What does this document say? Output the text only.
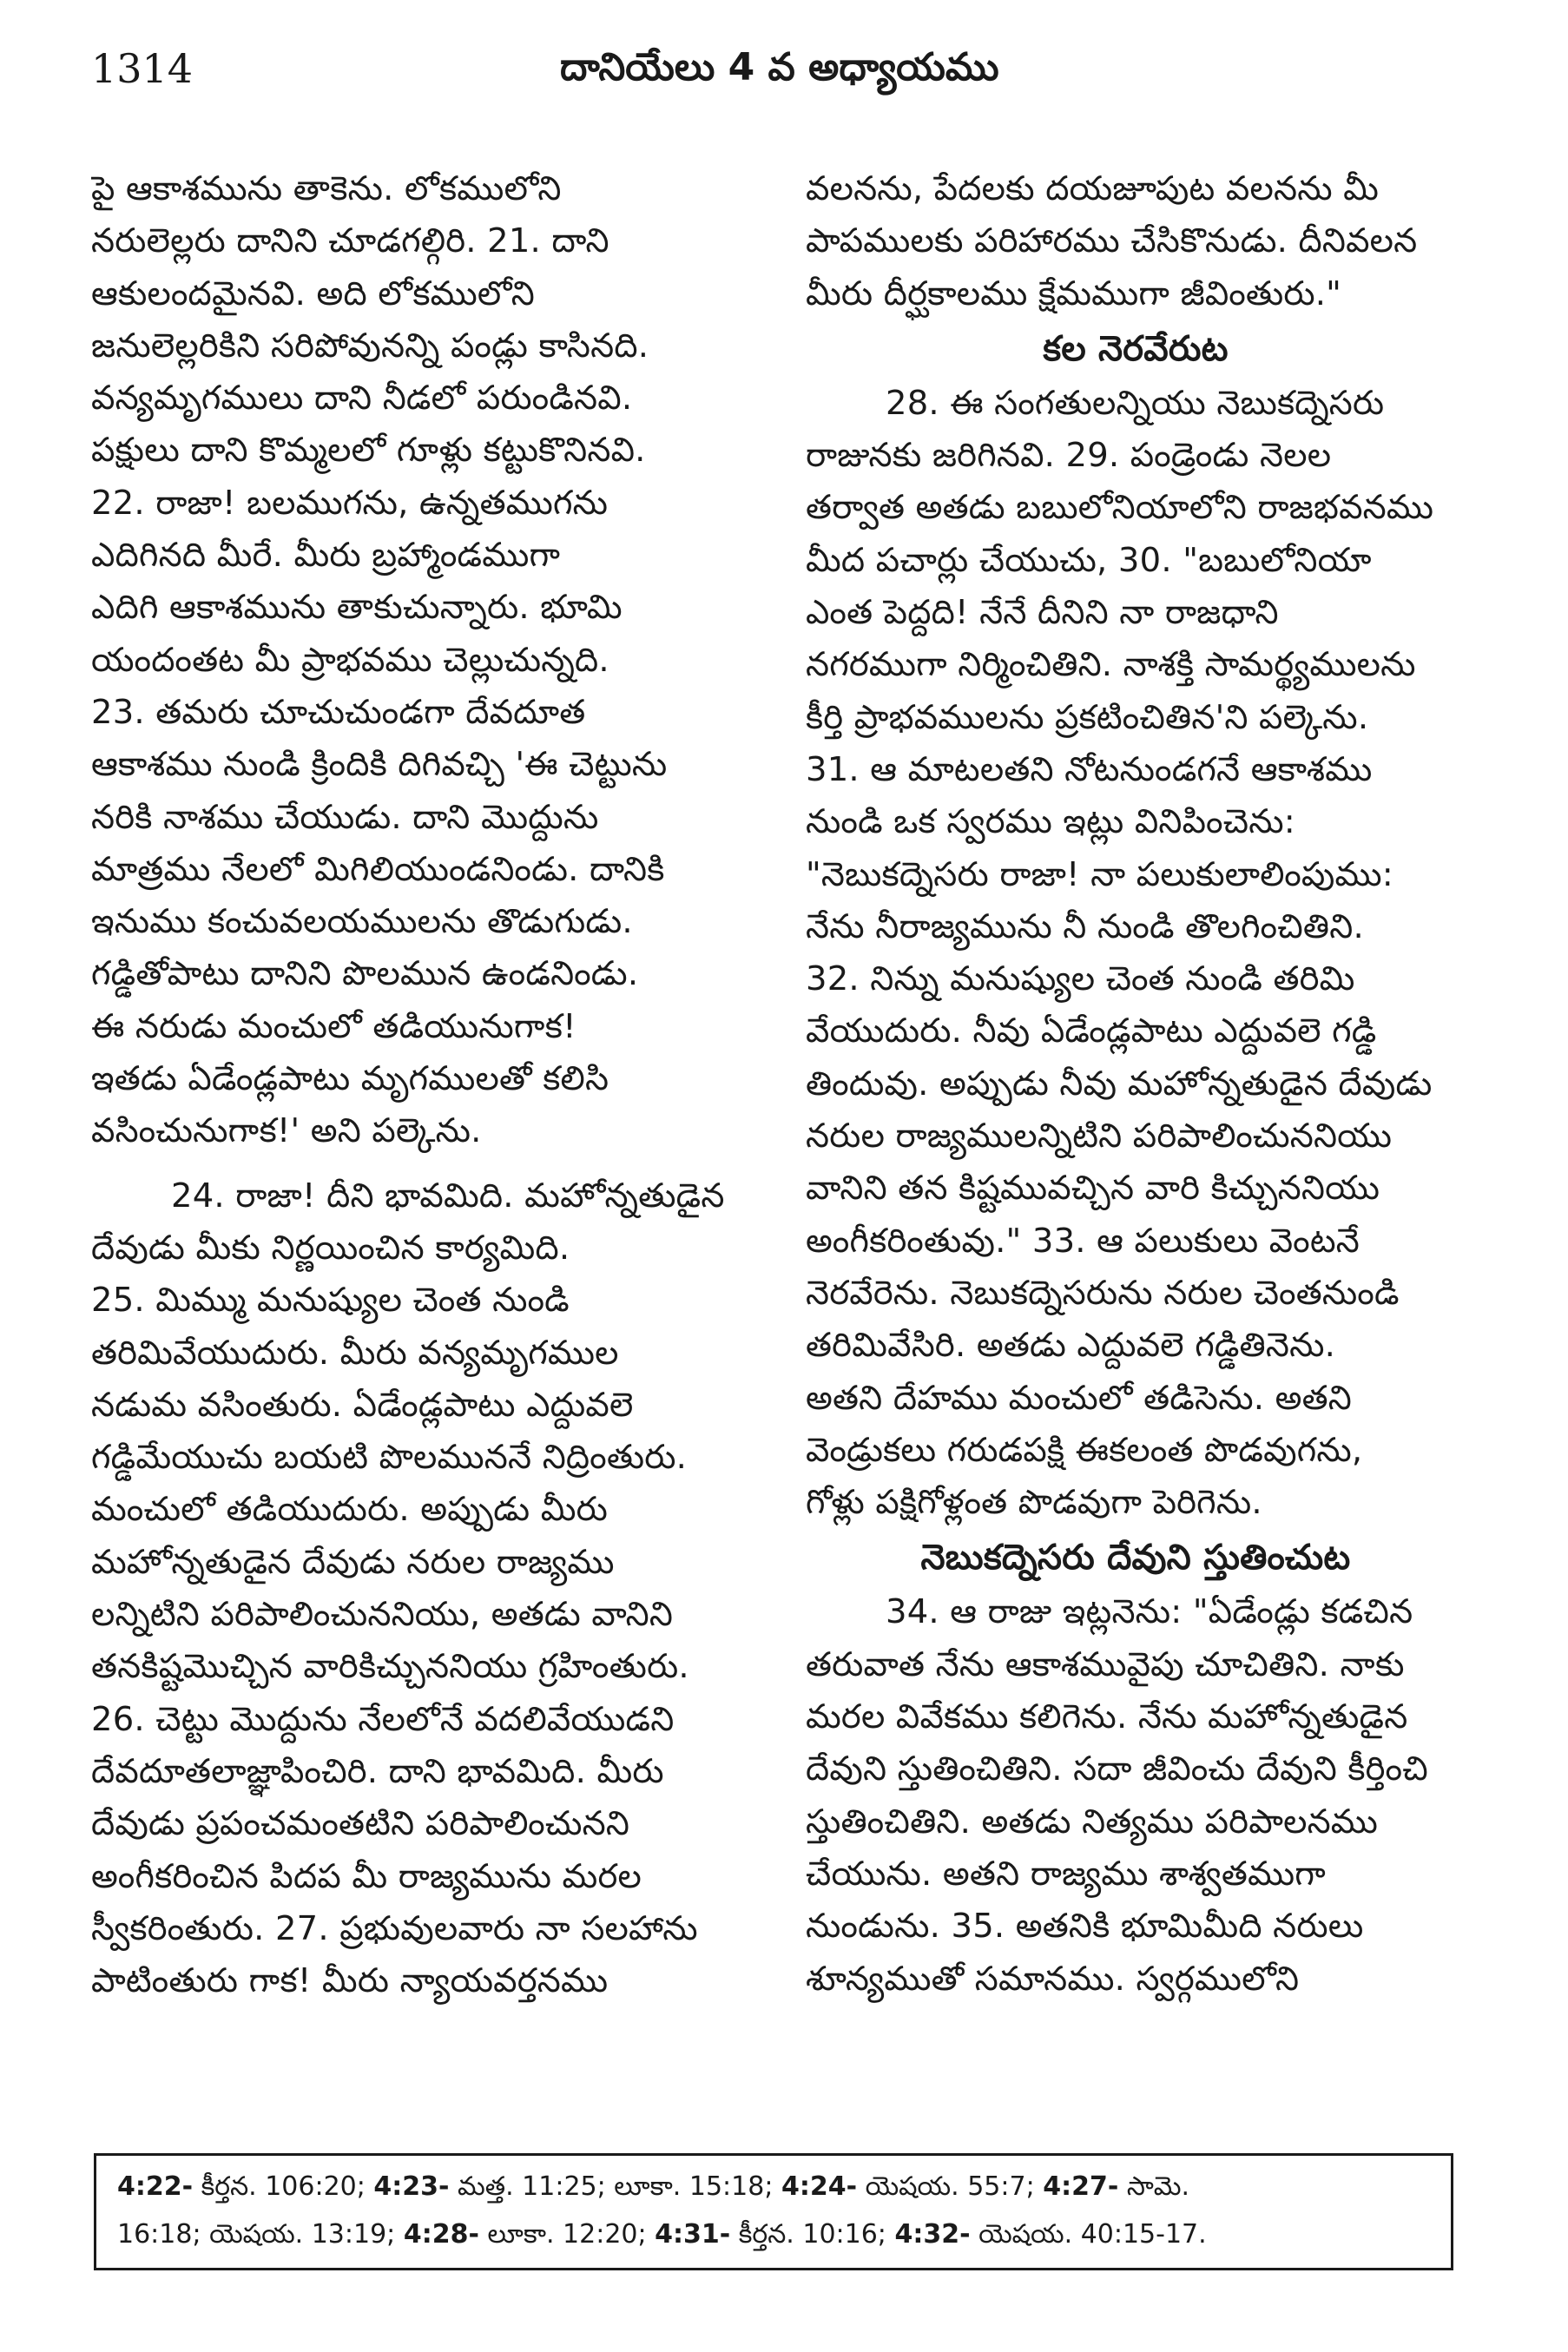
1314	దానియేలు 4 వ అధ్యాయము
పై ఆకాశమును తాకెను. లోకములోని
నరులెల్లరు దానిని చూడగల్గిరి. 21. దాని
ఆకులందమైనవి. అది లోకములోని
జనులెల్లరికిని సరిపోవునన్ని పండ్లు కాసినది.
వన్యమృగములు దాని నీడలో పరుండినవి.
పక్షులు దాని కొమ్మలలో గూళ్లు కట్టుకొనినవి.
22. రాజా! బలముగను, ఉన్నతముగను
ఎదిగినది మీరే. మీరు బ్రహ్మాండముగా
ఎదిగి ఆకాశమును తాకుచున్నారు. భూమి
యందంతట మీ ప్రాభవము చెల్లుచున్నది.
23. తమరు చూచుచుండగా దేవదూత
ఆకాశము నుండి క్రిందికి దిగివచ్చి 'ఈ చెట్టును
నరికి నాశము చేయుడు. దాని మొద్దును
మాత్రము నేలలో మిగిలియుండనిండు. దానికి
ఇనుము కంచువలయములను తొడుగుడు.
గడ్డితోపాటు దానిని పొలమున ఉండనిండు.
ఈ నరుడు మంచులో తడియునుగాక!
ఇతడు ఏడేండ్లపాటు మృగములతో కలిసి
వసించునుగాక!' అని పల్కెను.
24. రాజా! దీని భావమిది. మహోన్నతుడైన
దేవుడు మీకు నిర్ణయించిన కార్యమిది.
25. మిమ్ము మనుష్యుల చెంత నుండి
తరిమివేయుదురు. మీరు వన్యమృగముల
నడుమ వసింతురు. ఏడేండ్లపాటు ఎద్దువలె
గడ్డిమేయుచు బయటి పొలముననే నిద్రింతురు.
మంచులో తడియుదురు. అప్పుడు మీరు
మహోన్నతుడైన దేవుడు నరుల రాజ్యము
లన్నిటిని పరిపాలించుననియు, అతడు వానిని
తనకిష్టమొచ్చిన వారికిచ్చుననియు గ్రహింతురు.
26. చెట్టు మొద్దును నేలలోనే వదలివేయుడని
దేవదూతలాజ్ఞాపించిరి. దాని భావమిది. మీరు
దేవుడు ప్రపంచమంతటిని పరిపాలించునని
అంగీకరించిన పిదప మీ రాజ్యమును మరల
స్వీకరింతురు. 27. ప్రభువులవారు నా సలహాను
పాటింతురు గాక! మీరు న్యాయవర్తనము
వలనను, పేదలకు దయజూపుట వలనను మీ
పాపములకు పరిహారము చేసికొనుడు. దీనివలన
మీరు దీర్ఘకాలము క్షేమముగా జీవింతురు."
కల నెరవేరుట
28. ఈ సంగతులన్నియు నెబుకద్నెసరు
రాజునకు జరిగినవి. 29. పండ్రెండు నెలల
తర్వాత అతడు బబులోనియాలోని రాజభవనము
మీద పచార్లు చేయుచు, 30. "బబులోనియా
ఎంత పెద్దది! నేనే దీనిని నా రాజధాని
నగరముగా నిర్మించితిని. నాశక్తి సామర్థ్యములను
కీర్తి ప్రాభవములను ప్రకటించితిన'ని పల్కెను.
31. ఆ మాటలతని నోటనుండగనే ఆకాశము
నుండి ఒక స్వరము ఇట్లు వినిపించెను:
"నెబుకద్నెసరు రాజా! నా పలుకులాలింపుము:
నేను నీరాజ్యమును నీ నుండి తొలగించితిని.
32. నిన్ను మనుష్యుల చెంత నుండి తరిమి
వేయుదురు. నీవు ఏడేండ్లపాటు ఎద్దువలె గడ్డి
తిందువు. అప్పుడు నీవు మహోన్నతుడైన దేవుడు
నరుల రాజ్యములన్నిటిని పరిపాలించుననియు
వానిని తన కిష్టమువచ్చిన వారి కిచ్చుననియు
అంగీకరింతువు." 33. ఆ పలుకులు వెంటనే
నెరవేరెను. నెబుకద్నెసరును నరుల చెంతనుండి
తరిమివేసిరి. అతడు ఎద్దువలె గడ్డితినెను.
అతని దేహము మంచులో తడిసెను. అతని
వెండ్రుకలు గరుడపక్షి ఈకలంత పొడవుగను,
గోళ్లు పక్షిగోళ్లంత పొడవుగా పెరిగెను.
నెబుకద్నెసరు దేవుని స్తుతించుట
34. ఆ రాజు ఇట్లనెను: "ఏడేండ్లు కడచిన
తరువాత నేను ఆకాశమువైపు చూచితిని. నాకు
మరల వివేకము కలిగెను. నేను మహోన్నతుడైన
దేవుని స్తుతించితిని. సదా జీవించు దేవుని కీర్తించి
స్తుతించితిని. అతడు నిత్యము పరిపాలనము
చేయును. అతని రాజ్యము శాశ్వతముగా
నుండును. 35. అతనికి భూమిమీది నరులు
శూన్యముతో సమానము. స్వర్గములోని
4:22- కీర్తన. 106:20; 4:23- మత్త. 11:25; లూకా. 15:18; 4:24- యెషయ. 55:7; 4:27- సామె.
16:18; యెషయ. 13:19; 4:28- లూకా. 12:20; 4:31- కీర్తన. 10:16; 4:32- యెషయ. 40:15-17.
